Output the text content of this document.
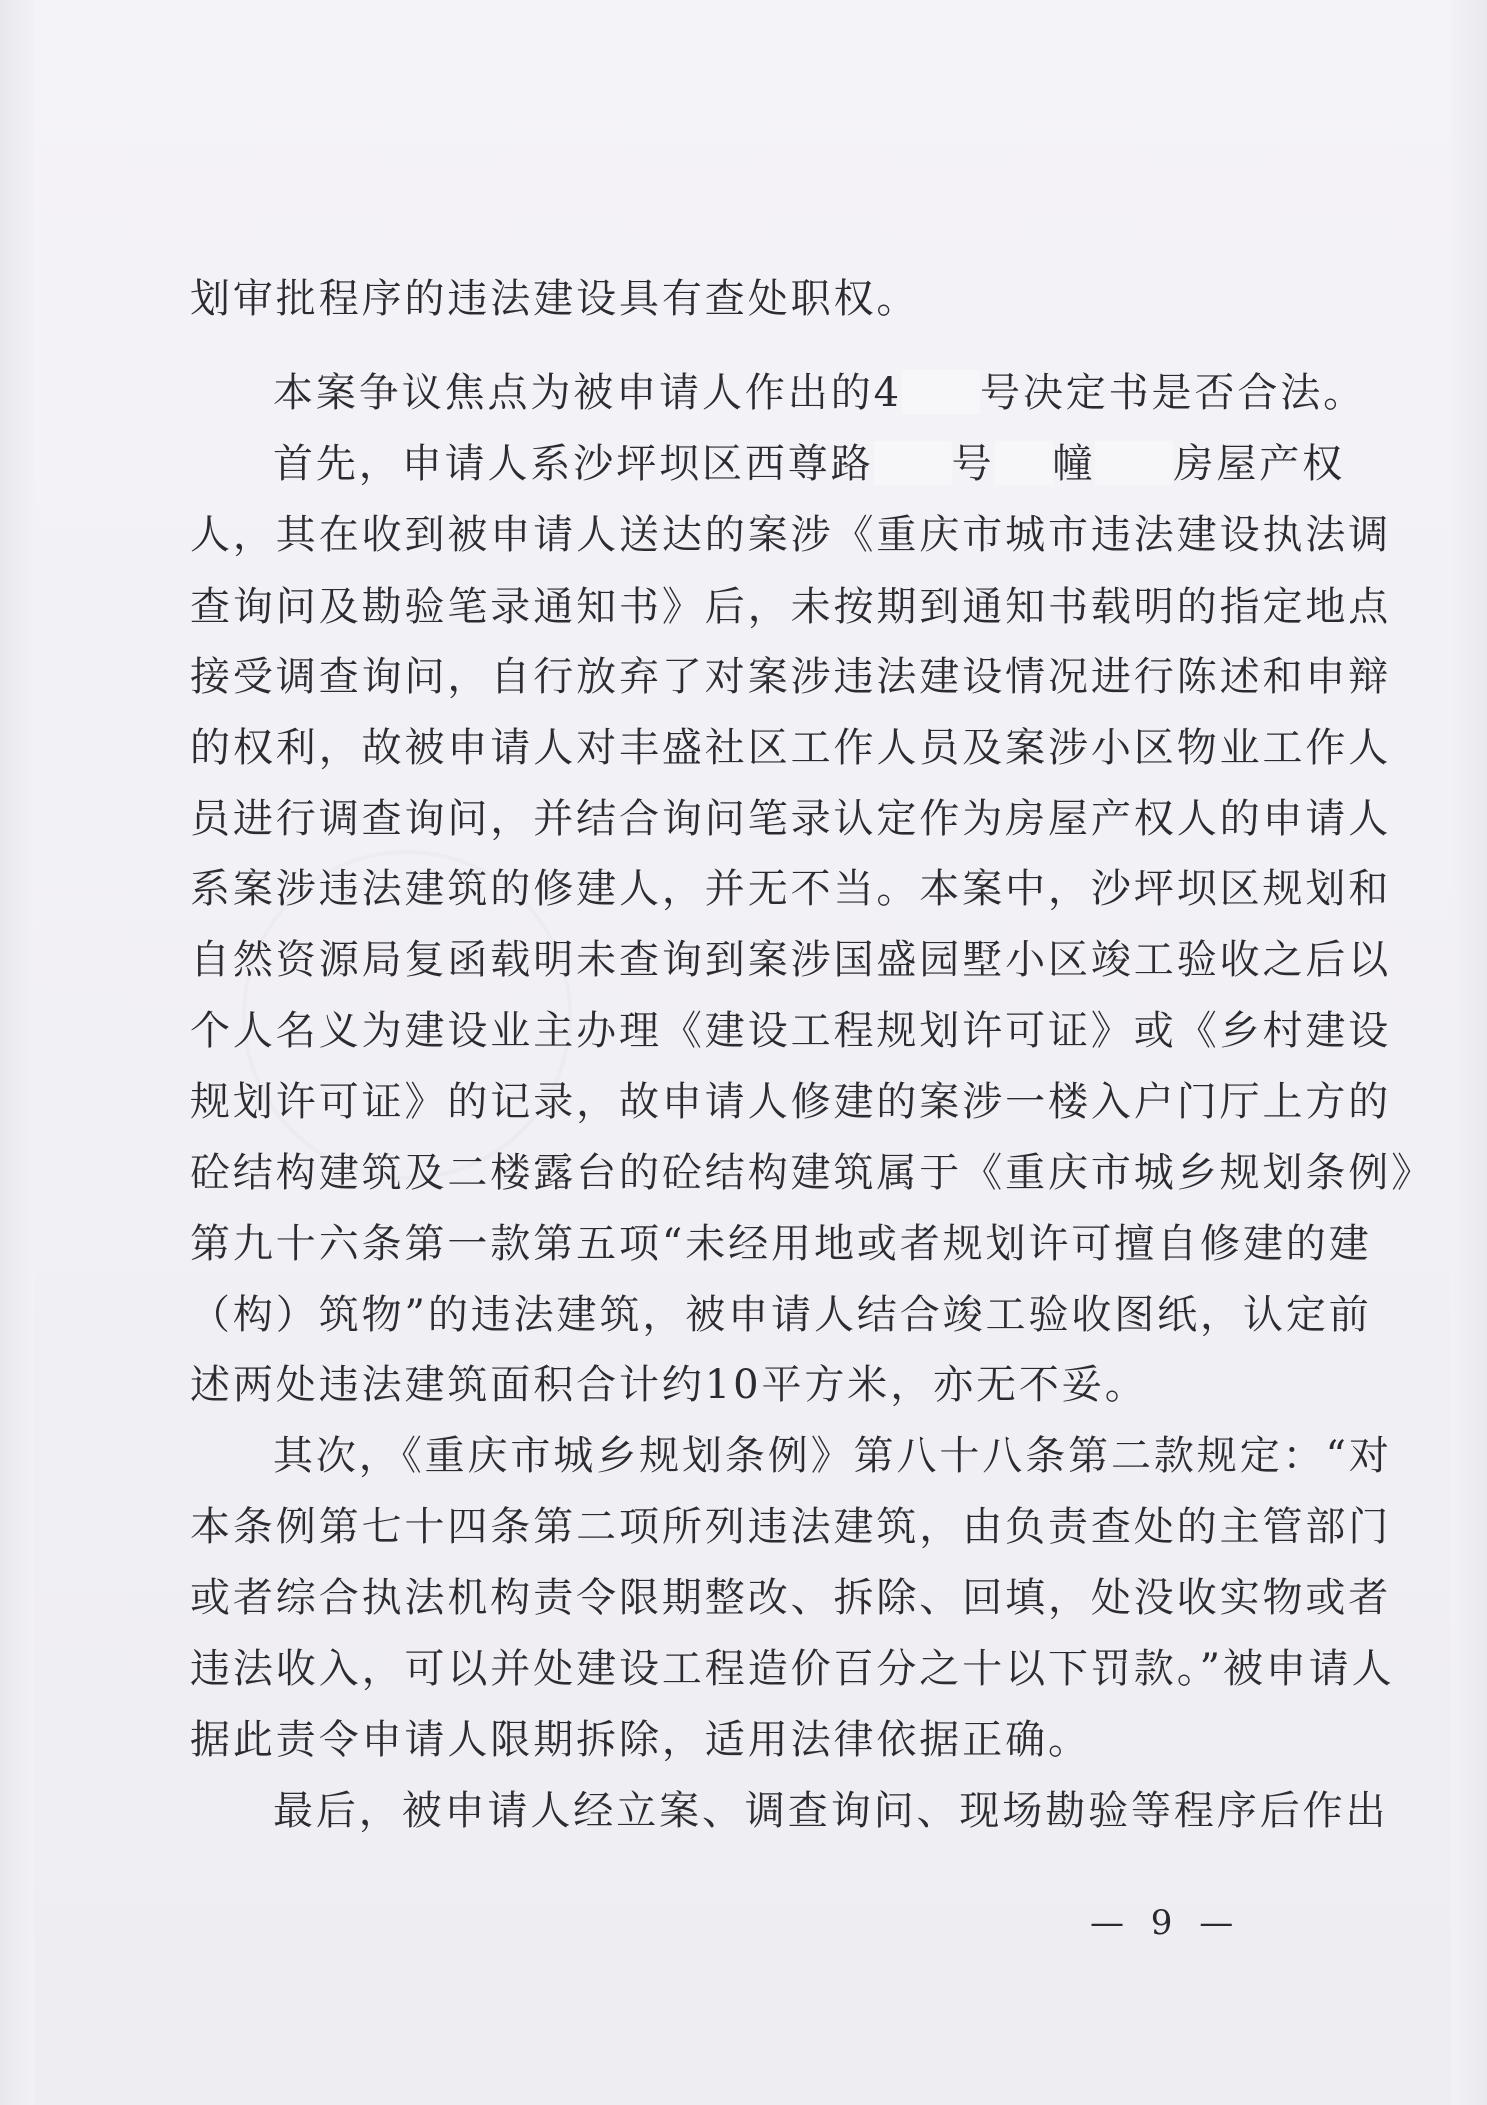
划审批程序的违法建设具有查处职权。
本案争议焦点为被申请人作出的4 号决定书是否合法。
首先，申请人系沙坪坝区西尊路 号 幢 房屋产权
人，其在收到被申请人送达的案涉《重庆市城市违法建设执法调
查询问及勘验笔录通知书》后，未按期到通知书载明的指定地点
接受调查询问，自行放弃了对案涉违法建设情况进行陈述和申辩
的权利，故被申请人对丰盛社区工作人员及案涉小区物业工作人
员进行调查询问，并结合询问笔录认定作为房屋产权人的申请人
系案涉违法建筑的修建人，并无不当。本案中，沙坪坝区规划和
自然资源局复函载明未查询到案涉国盛园墅小区竣工验收之后以
个人名义为建设业主办理《建设工程规划许可证》或《乡村建设
规划许可证》的记录，故申请人修建的案涉一楼入户门厅上方的
砼结构建筑及二楼露台的砼结构建筑属于《重庆市城乡规划条例》
第九十六条第一款第五项“未经用地或者规划许可擅自修建的建
（构）筑物”的违法建筑，被申请人结合竣工验收图纸，认定前
述两处违法建筑面积合计约10平方米，亦无不妥。
其次，《重庆市城乡规划条例》第八十八条第二款规定：“对
本条例第七十四条第二项所列违法建筑，由负责查处的主管部门
或者综合执法机构责令限期整改、拆除、回填，处没收实物或者
违法收入，可以并处建设工程造价百分之十以下罚款。”被申请人
据此责令申请人限期拆除，适用法律依据正确。
最后，被申请人经立案、调查询问、现场勘验等程序后作出
— 9 —
